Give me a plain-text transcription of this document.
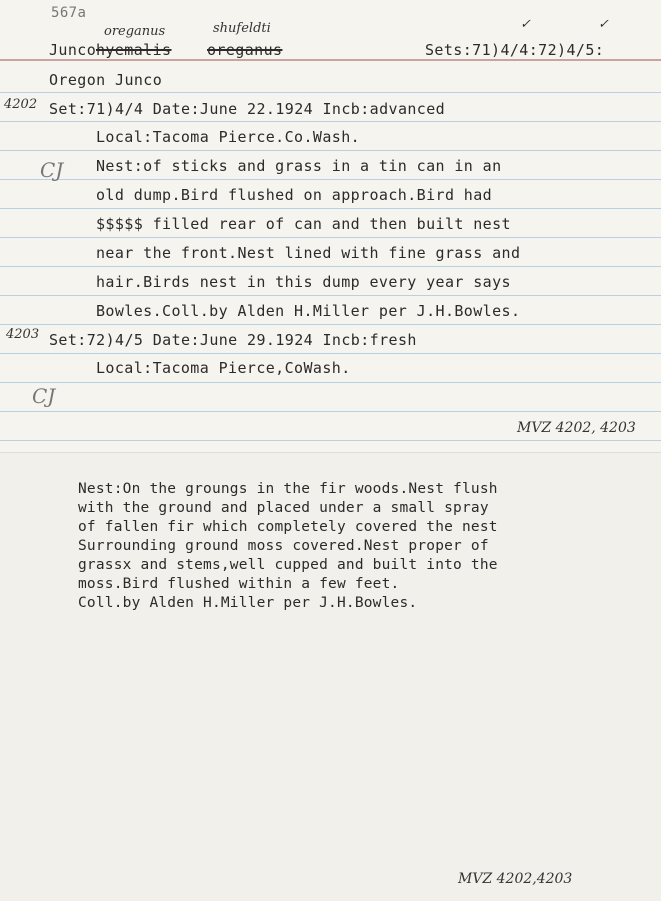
567a
oreganus	shufeldti
Junco hyemalis oreganus
✓	✓
Sets:71)4/4:72)4/5:
Oregon Junco
4202 Set:71)4/4 Date:June 22.1924 Incb:advanced
Local:Tacoma Pierce.Co.Wash.
CJ Nest:of sticks and grass in a tin can in an
old dump.Bird flushed on approach.Bird had
$$$$$ filled rear of can and then built nest
near the front.Nest lined with fine grass and
hair.Birds nest in this dump every year says
Bowles.Coll.by Alden H.Miller per J.H.Bowles.
4203 Set:72)4/5 Date:June 29.1924 Incb:fresh
Local:Tacoma Pierce,CoWash.
CJ
MVZ 4202, 4203
Nest:On the groungs in the fir woods.Nest flush
with the ground and placed under a small spray
of fallen fir which completely covered the nest
Surrounding ground moss covered.Nest proper of
grassx and stems,well cupped and built into the
moss.Bird flushed within a few feet.
Coll.by Alden H.Miller per J.H.Bowles.
MVZ 4202,4203
